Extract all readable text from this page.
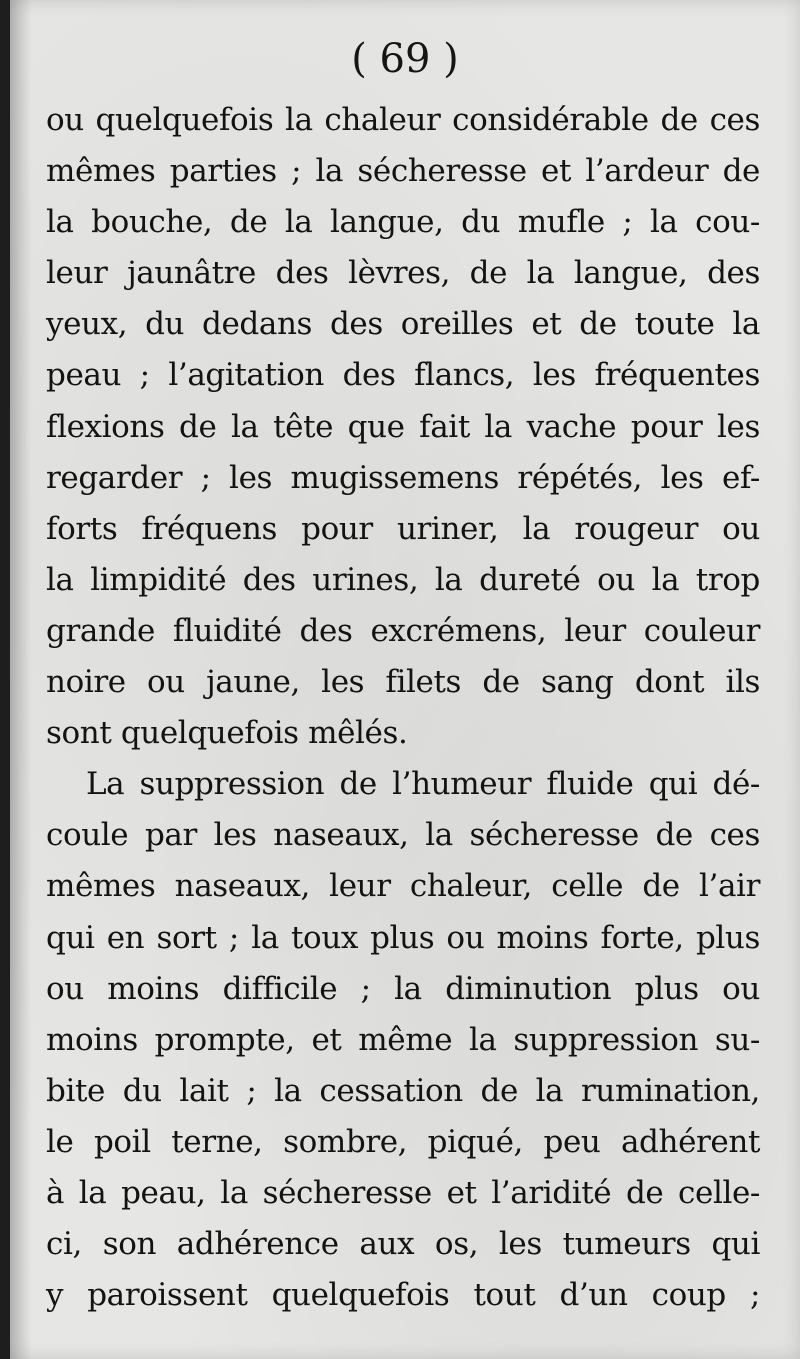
( 69 )
ou quelquefois la chaleur considérable de ces
mêmes parties ; la sécheresse et l’ardeur de
la bouche, de la langue, du mufle ; la cou-
leur jaunâtre des lèvres, de la langue, des
yeux, du dedans des oreilles et de toute la
peau ; l’agitation des flancs, les fréquentes
flexions de la tête que fait la vache pour les
regarder ; les mugissemens répétés, les ef-
forts fréquens pour uriner, la rougeur ou
la limpidité des urines, la dureté ou la trop
grande fluidité des excrémens, leur couleur
noire ou jaune, les filets de sang dont ils
sont quelquefois mêlés.
La suppression de l’humeur fluide qui dé-
coule par les naseaux, la sécheresse de ces
mêmes naseaux, leur chaleur, celle de l’air
qui en sort ; la toux plus ou moins forte, plus
ou moins difficile ; la diminution plus ou
moins prompte, et même la suppression su-
bite du lait ; la cessation de la rumination,
le poil terne, sombre, piqué, peu adhérent
à la peau, la sécheresse et l’aridité de celle-
ci, son adhérence aux os, les tumeurs qui
y paroissent quelquefois tout d’un coup ;
